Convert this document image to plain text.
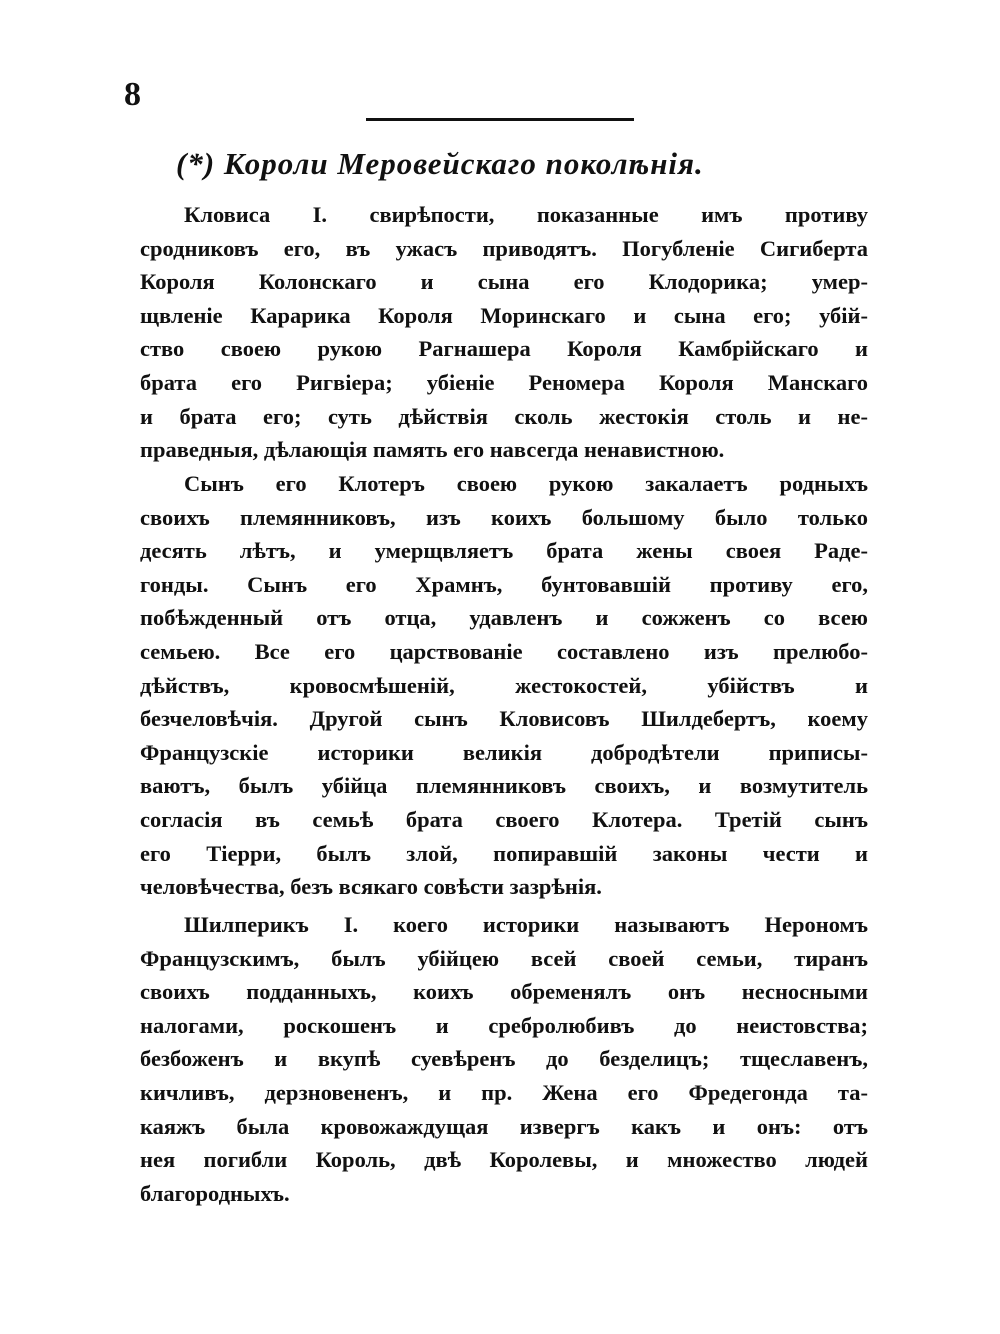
8
(*) Короли Меровейскаго поколѣнія.
Кловиса I. свирѣпости, показанные имъ противу
сродниковъ его, въ ужасъ приводятъ. Погубленіе Сигиберта
Короля Колонскаго и сына его Клодорика; умер-
щвленіе Карарика Короля Моринскаго и сына его; убій-
ство своею рукою Рагнашера Короля Камбрійскаго и
брата его Ригвіера; убіеніе Реномера Короля Манскаго
и брата его; суть дѣйствія сколь жестокія столь и не-
праведныя, дѣлающія память его навсегда ненавистною.
Сынъ его Клотеръ своею рукою закалаетъ родныхъ
своихъ племянниковъ, изъ коихъ большому было только
десять лѣтъ, и умерщвляетъ брата жены своея Раде-
гонды. Сынъ его Храмнъ, бунтовавшій противу его,
побѣжденный отъ отца, удавленъ и сожженъ со всею
семьею. Все его царствованіе составлено изъ прелюбо-
дѣйствъ, кровосмѣшеній, жестокостей, убійствъ и
безчеловѣчія. Другой сынъ Кловисовъ Шилдебертъ, коему
Французскіе историки великія добродѣтели приписы-
ваютъ, былъ убійца племянниковъ своихъ, и возмутитель
согласія въ семьѣ брата своего Клотера. Третій сынъ
его Тіерри, былъ злой, попиравшій законы чести и
человѣчества, безъ всякаго совѣсти зазрѣнія.
Шилперикъ I. коего историки называютъ Нерономъ
Французскимъ, былъ убійцею всей своей семьи, тиранъ
своихъ подданныхъ, коихъ обременялъ онъ несносными
налогами, роскошенъ и сребролюбивъ до неистовства;
безбоженъ и вкупѣ суевѣренъ до безделицъ; тщеславенъ,
кичливъ, дерзновененъ, и пр. Жена его Фредегонда та-
каяжъ была кровожаждущая извергъ какъ и онъ: отъ
нея погибли Король, двѣ Королевы, и множество людей
благородныхъ.
